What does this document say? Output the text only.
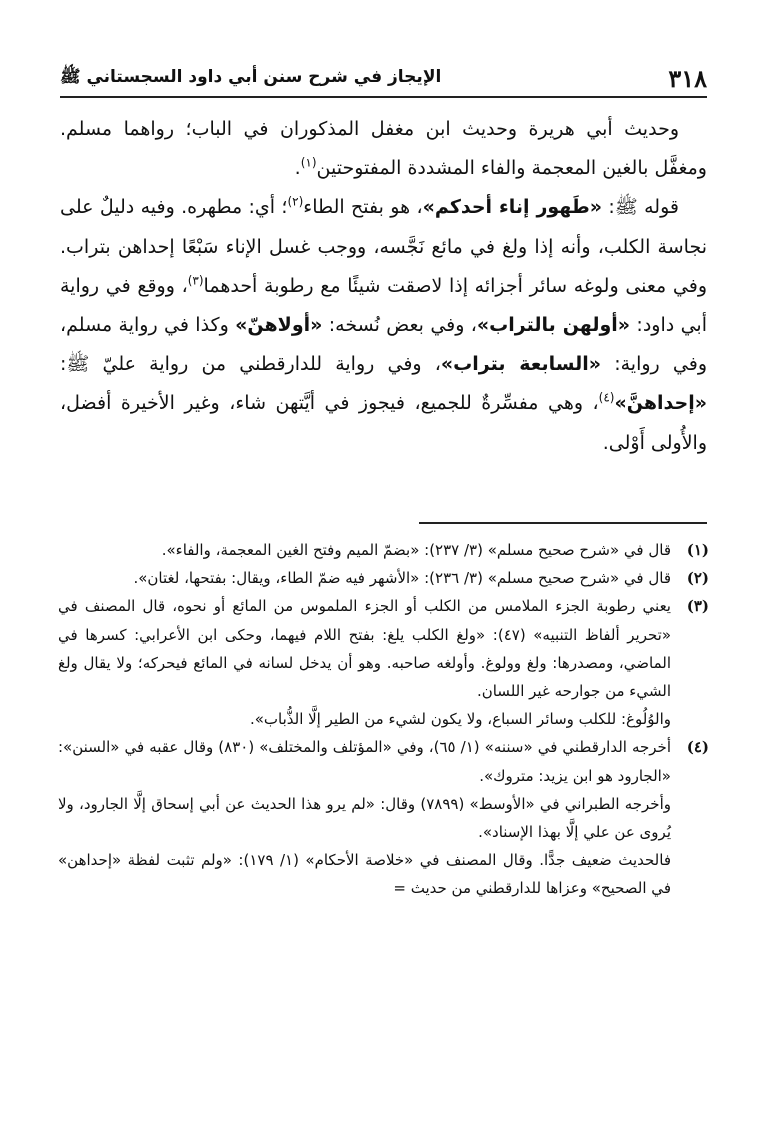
٣١٨
الإيجاز في شرح سنن أبي داود السجستاني ﷺ

وحديث أبي هريرة وحديث ابن مغفل المذكوران في الباب؛ رواهما مسلم. ومغفَّل بالغين المعجمة والفاء المشددة المفتوحتين$^{(١)}$.

قوله ﷺ: «طَهور إناء أحدكم»، هو بفتح الطاء$^{(٢)}$؛ أي: مطهره. وفيه دليلٌ على نجاسة الكلب، وأنه إذا ولغ في مائع نَجَّسه، ووجب غسل الإناء سَبْعًا إحداهن بتراب. وفي معنى ولوغه سائر أجزائه إذا لاصقت شيئًا مع رطوبة أحدهما$^{(٣)}$، ووقع في رواية أبي داود: «أولهن بالتراب»، وفي بعض نُسخه: «أولاهنّ» وكذا في رواية مسلم، وفي رواية: «السابعة بتراب»، وفي رواية للدارقطني من رواية عليّ ﷺ: «إحداهنَّ»$^{(٤)}$، وهي مفسِّرةٌ للجميع، فيجوز في أيَّتهن شاء، وغير الأخيرة أفضل، والأُولى أَوْلى.

(١)

قال في «شرح صحيح مسلم» (٣/ ٢٣٧): «بضمّ الميم وفتح الغين المعجمة، والفاء».

(٢)

قال في «شرح صحيح مسلم» (٣/ ٢٣٦): «الأشهر فيه ضمّ الطاء، ويقال: بفتحها، لغتان».

(٣)

يعني رطوبة الجزء الملامس من الكلب أو الجزء الملموس من المائع أو نحوه، قال المصنف في «تحرير ألفاظ التنبيه» (٤٧): «ولغ الكلب يلغ: بفتح اللام فيهما، وحكى ابن الأعرابي: كسرها في الماضي، ومصدرها: ولغ وولوغ. وأولغه صاحبه. وهو أن يدخل لسانه في المائع فيحركه؛ ولا يقال ولغ الشيء من جوارحه غير اللسان.

والوُلُوغ: للكلب وسائر السباع، ولا يكون لشيء من الطير إلَّا الذُّباب».

(٤)

أخرجه الدارقطني في «سننه» (١/ ٦٥)، وفي «المؤتلف والمختلف» (٨٣٠) وقال عقبه في «السنن»: «الجارود هو ابن يزيد: متروك».

وأخرجه الطبراني في «الأوسط» (٧٨٩٩) وقال: «لم يرو هذا الحديث عن أبي إسحاق إلَّا الجارود، ولا يُروى عن علي إلَّا بهذا الإسناد».

فالحديث ضعيف جدًّا. وقال المصنف في «خلاصة الأحكام» (١/ ١٧٩): «ولم تثبت لفظة «إحداهن» في الصحيح» وعزاها للدارقطني من حديث =
